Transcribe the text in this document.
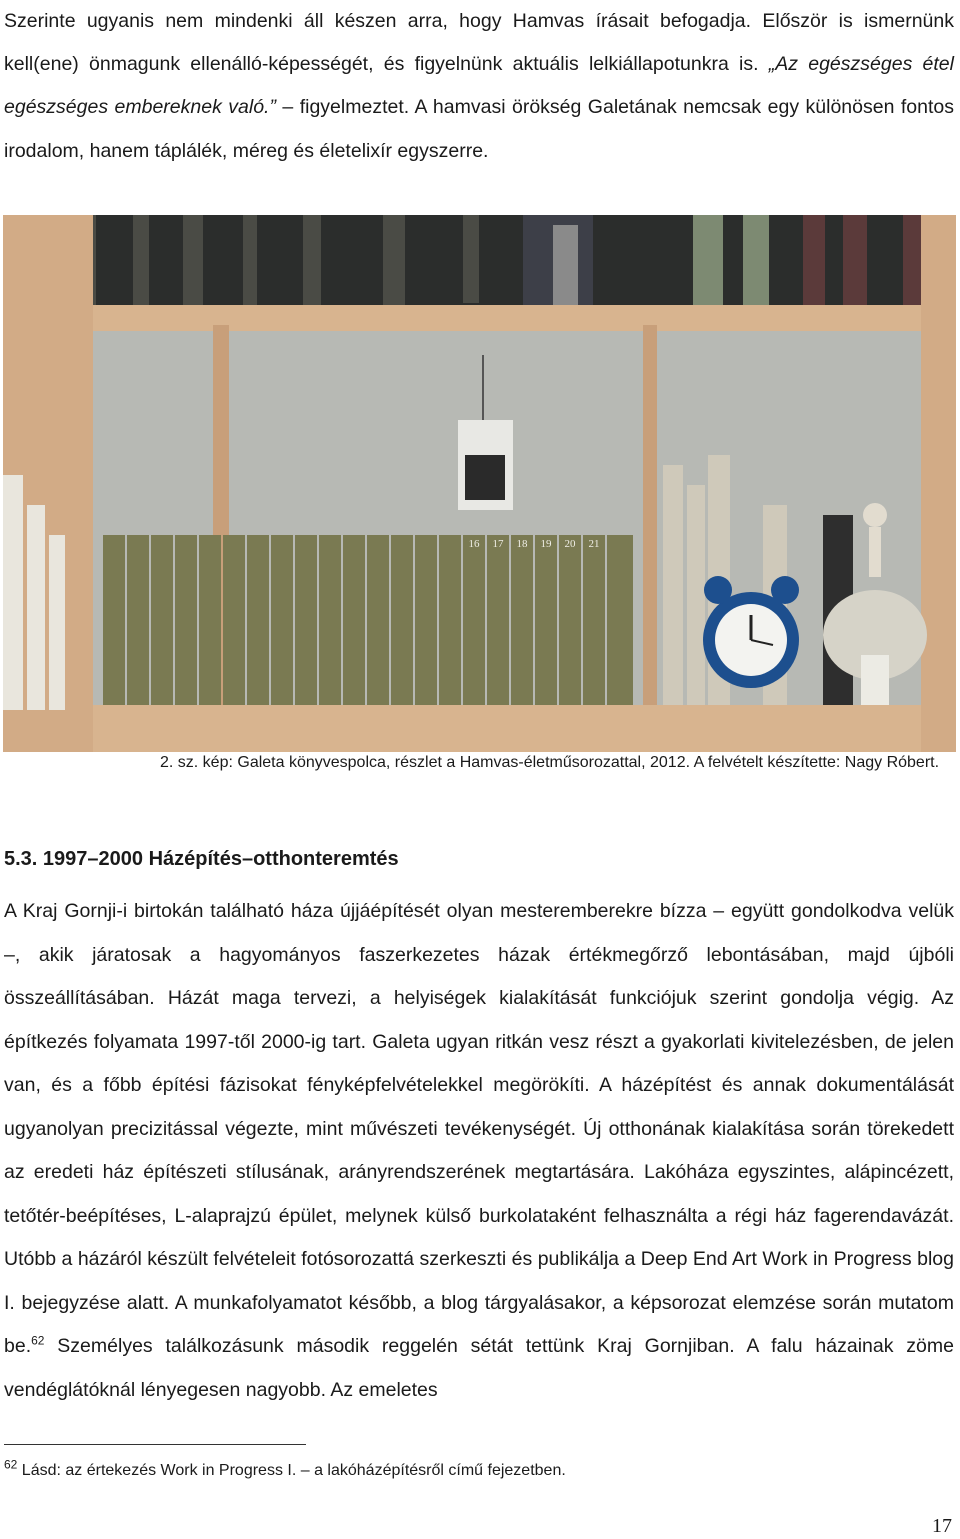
Szerinte ugyanis nem mindenki áll készen arra, hogy Hamvas írásait befogadja. Először is ismernünk kell(ene) önmagunk ellenálló-képességét, és figyelnünk aktuális lelkiállapotunkra is. „Az egészséges étel egészséges embereknek való.” – figyelmeztet. A hamvasi örökség Galetának nemcsak egy különösen fontos irodalom, hanem táplálék, méreg és életelixír egyszerre.

16 17 18 19 20 21
2. sz. kép: Galeta könyvespolca, részlet a Hamvas-életműsorozattal, 2012. A felvételt készítette: Nagy Róbert.
5.3. 1997–2000 Házépítés–otthonteremtés

A Kraj Gornji-i birtokán található háza újjáépítését olyan mesteremberekre bízza – együtt gondolkodva velük –, akik járatosak a hagyományos faszerkezetes házak értékmegőrző lebontásában, majd újbóli összeállításában. Házát maga tervezi, a helyiségek kialakítását funkciójuk szerint gondolja végig. Az építkezés folyamata 1997-től 2000-ig tart. Galeta ugyan ritkán vesz részt a gyakorlati kivitelezésben, de jelen van, és a főbb építési fázisokat fényképfelvételekkel megörökíti. A házépítést és annak dokumentálását ugyanolyan precizitással végezte, mint művészeti tevékenységét. Új otthonának kialakítása során törekedett az eredeti ház építészeti stílusának, arányrendszerének megtartására. Lakóháza egyszintes, alápincézett, tetőtér-beépítéses, L-alaprajzú épület, melynek külső burkolataként felhasználta a régi ház fagerendavázát. Utóbb a házáról készült felvételeit fotósorozattá szerkeszti és publikálja a Deep End Art Work in Progress blog I. bejegyzése alatt. A munkafolyamatot később, a blog tárgyalásakor, a képsorozat elemzése során mutatom be.$^{62}$ Személyes találkozásunk második reggelén sétát tettünk Kraj Gornjiban. A falu házainak zöme vendéglátóknál lényegesen nagyobb. Az emeletes

$^{62}$ Lásd: az értekezés Work in Progress I. – a lakóházépítésről című fejezetben.
17
